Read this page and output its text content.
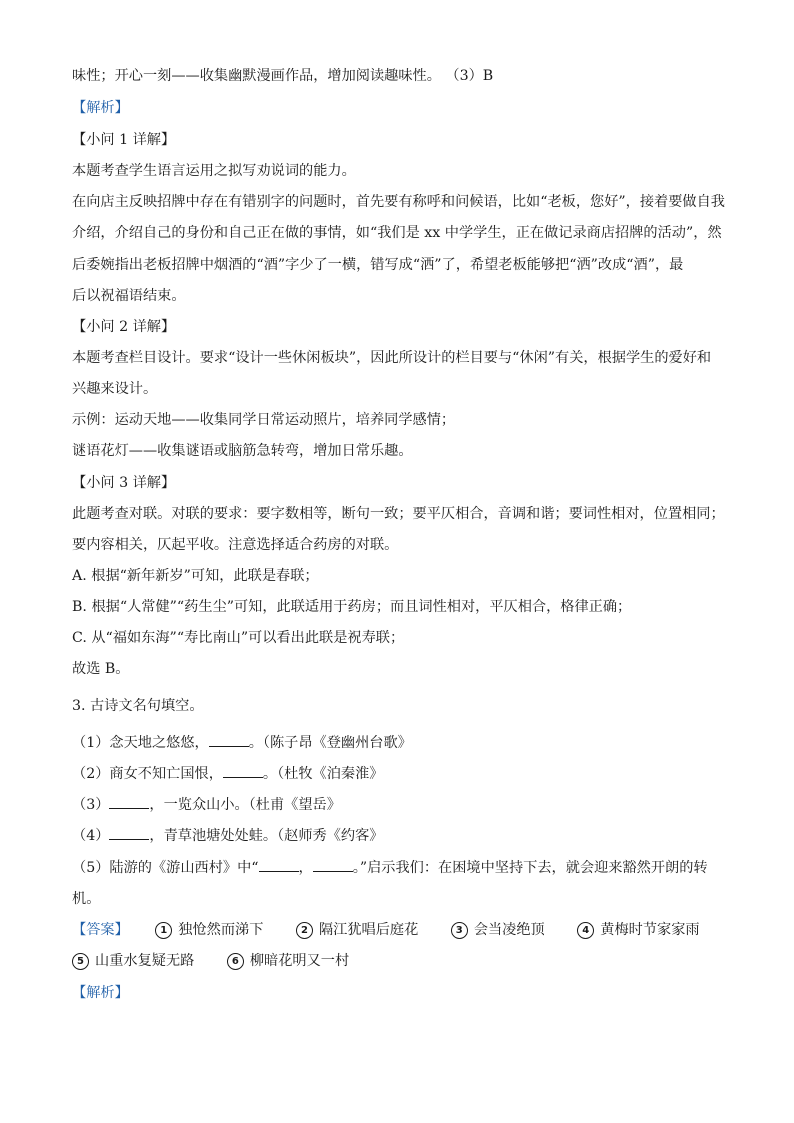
味性；开心一刻——收集幽默漫画作品，增加阅读趣味性。 （3）B

【解析】

【小问 1 详解】

本题考查学生语言运用之拟写劝说词的能力。

在向店主反映招牌中存在有错别字的问题时，首先要有称呼和问候语，比如“老板，您好”，接着要做自我

介绍，介绍自己的身份和自己正在做的事情，如“我们是 xx 中学学生，正在做记录商店招牌的活动”，然

后委婉指出老板招牌中烟酒的“酒”字少了一横，错写成“洒”了，希望老板能够把“洒”改成“酒”，最

后以祝福语结束。

【小问 2 详解】

本题考查栏目设计。要求“设计一些休闲板块”，因此所设计的栏目要与“休闲”有关，根据学生的爱好和

兴趣来设计。

示例：运动天地——收集同学日常运动照片，培养同学感情；

谜语花灯——收集谜语或脑筋急转弯，增加日常乐趣。

【小问 3 详解】

此题考查对联。对联的要求：要字数相等，断句一致；要平仄相合，音调和谐；要词性相对，位置相同；

要内容相关，仄起平收。注意选择适合药房的对联。

A. 根据“新年新岁”可知，此联是春联；

B. 根据“人常健”“药生尘”可知，此联适用于药房；而且词性相对，平仄相合，格律正确；

C. 从“福如东海”“寿比南山”可以看出此联是祝寿联；

故选 B。

3. 古诗文名句填空。

（1）念天地之悠悠，	。（陈子昂《登幽州台歌》

（2）商女不知亡国恨，	。（杜牧《泊秦淮》

（3）	，一览众山小。（杜甫《望岳》

（4）	，青草池塘处处蛙。（赵师秀《约客》

（5）陆游的《游山西村》中“	，	。”启示我们：在困境中坚持下去，就会迎来豁然开朗的转

机。

【答案】	1 独怆然而涕下	2 隔江犹唱后庭花	3 会当凌绝顶	4 黄梅时节家家雨
5 山重水复疑无路	6 柳暗花明又一村

【解析】
